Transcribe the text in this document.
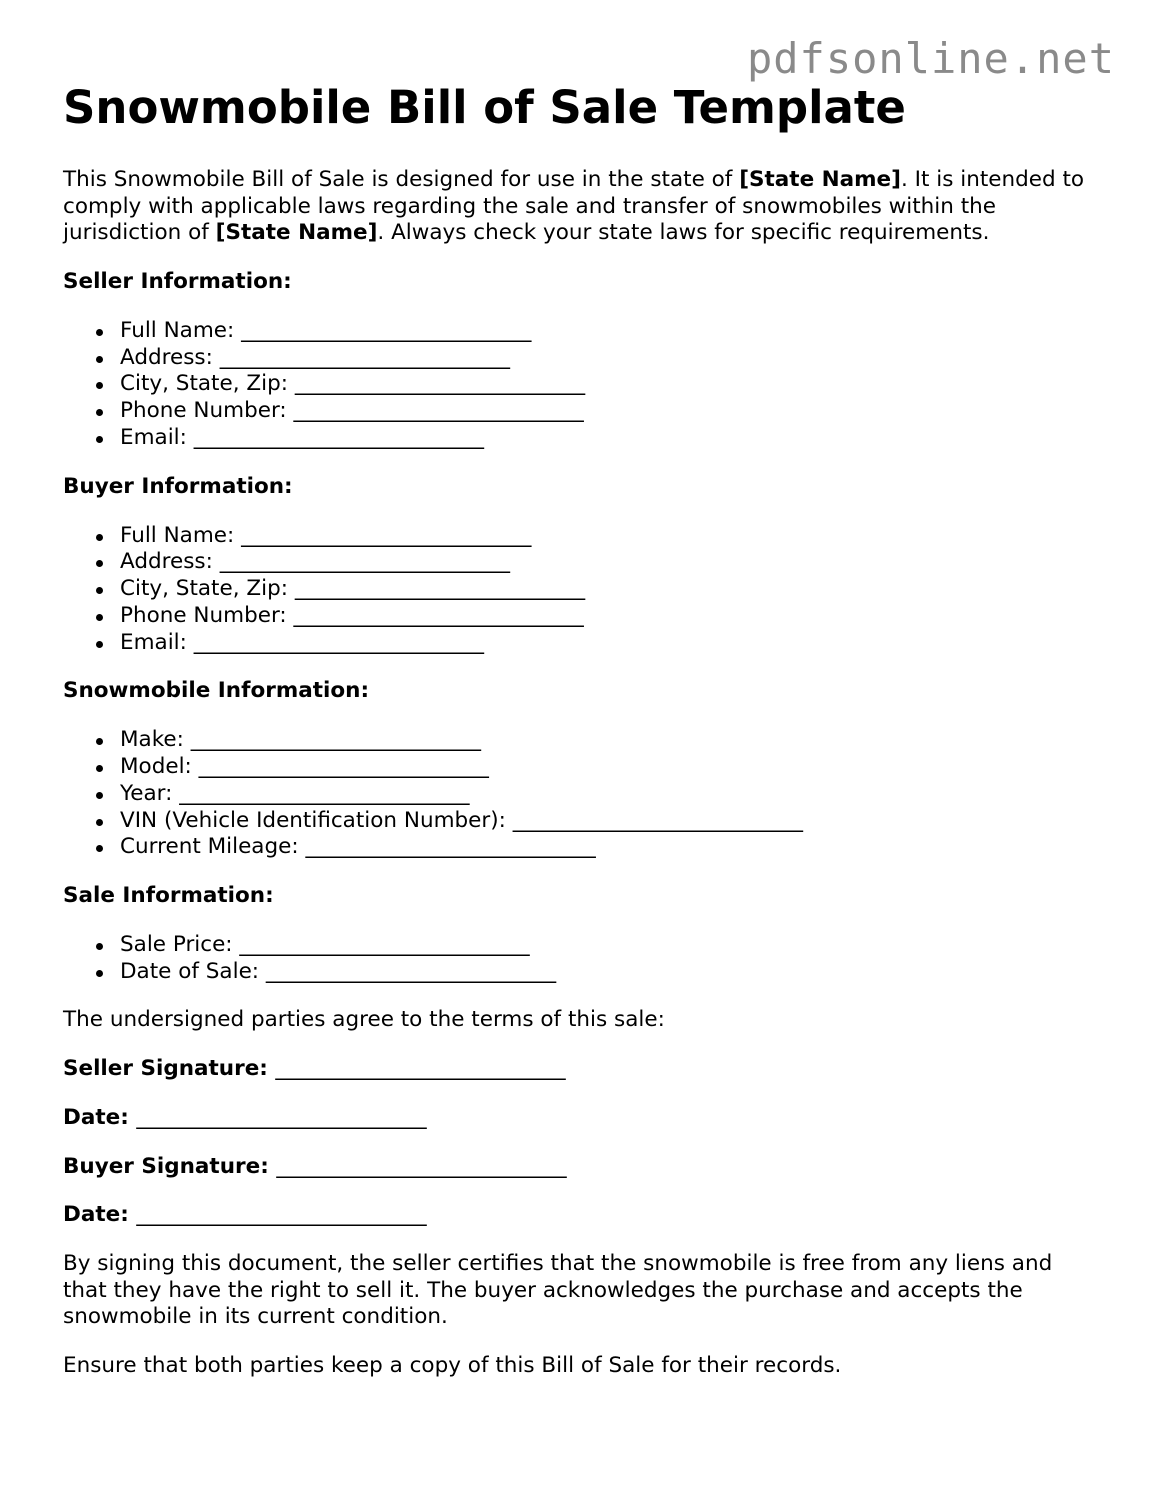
pdfsonline.net
Snowmobile Bill of Sale Template

This Snowmobile Bill of Sale is designed for use in the state of [State Name]. It is intended to comply with applicable laws regarding the sale and transfer of snowmobiles within the jurisdiction of [State Name]. Always check your state laws for specific requirements.

Seller Information:

Full Name: ___________________________
Address: ___________________________
City, State, Zip: ___________________________
Phone Number: ___________________________
Email: ___________________________

Buyer Information:

Full Name: ___________________________
Address: ___________________________
City, State, Zip: ___________________________
Phone Number: ___________________________
Email: ___________________________

Snowmobile Information:

Make: ___________________________
Model: ___________________________
Year: ___________________________
VIN (Vehicle Identification Number): ___________________________
Current Mileage: ___________________________

Sale Information:

Sale Price: ___________________________
Date of Sale: ___________________________

The undersigned parties agree to the terms of this sale:

Seller Signature: ___________________________

Date: ___________________________

Buyer Signature: ___________________________

Date: ___________________________

By signing this document, the seller certifies that the snowmobile is free from any liens and that they have the right to sell it. The buyer acknowledges the purchase and accepts the snowmobile in its current condition.

Ensure that both parties keep a copy of this Bill of Sale for their records.
